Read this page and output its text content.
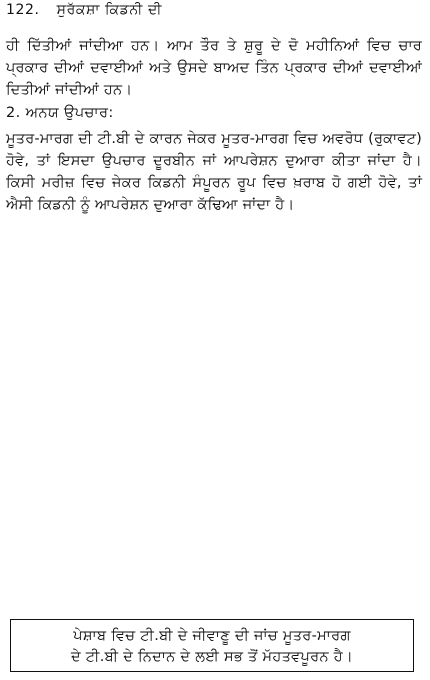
122. ਸੁਰੱਕਸ਼ਾ ਕਿਡਨੀ ਦੀ
ਹੀ ਦਿੱਤੀਆਂ ਜਾਂਦੀਆ ਹਨ। ਆਮ ਤੌਰ ਤੇ ਸ਼ੁਰੂ ਦੇ ਦੋ ਮਹੀਨਿਆਂ ਵਿਚ ਚਾਰ ਪ੍ਰਕਾਰ ਦੀਆਂ ਦਵਾਈਆਂ ਅਤੇ ਉਸਦੇ ਬਾਅਦ ਤਿੰਨ ਪ੍ਰਕਾਰ ਦੀਆਂ ਦਵਾਈਆਂ ਦਿਤੀਆਂ ਜਾਂਦੀਆਂ ਹਨ।
2. ਅਨਯ ਉਪਚਾਰ:
ਮੂਤਰ-ਮਾਰਗ ਦੀ ਟੀ.ਬੀ ਦੇ ਕਾਰਨ ਜੇਕਰ ਮੂਤਰ-ਮਾਰਗ ਵਿਚ ਅਵਰੋਧ (ਰੁਕਾਵਟ) ਹੋਵੇ, ਤਾਂ ਇਸਦਾ ਉਪਚਾਰ ਦੂਰਬੀਨ ਜਾਂ ਆਪਰੇਸ਼ਨ ਦੁਆਰਾ ਕੀਤਾ ਜਾਂਦਾ ਹੈ। ਕਿਸੀ ਮਰੀਜ਼ ਵਿਚ ਜੇਕਰ ਕਿਡਨੀ ਸੰਪੂਰਨ ਰੂਪ ਵਿਚ ਖ਼ਰਾਬ ਹੋ ਗਈ ਹੋਵੇ, ਤਾਂ ਐਸੀ ਕਿਡਨੀ ਨੂੰ ਆਪਰੇਸ਼ਨ ਦੁਆਰਾ ਕੱਢਿਆ ਜਾਂਦਾ ਹੈ।
ਪੇਸ਼ਾਬ ਵਿਚ ਟੀ.ਬੀ ਦੇ ਜੀਵਾਣੂ ਦੀ ਜਾਂਚ ਮੂਤਰ-ਮਾਰਗ
ਦੇ ਟੀ.ਬੀ ਦੇ ਨਿਦਾਨ ਦੇ ਲਈ ਸਭ ਤੋਂ ਮੱਹਤਵਪੂਰਨ ਹੈ।
